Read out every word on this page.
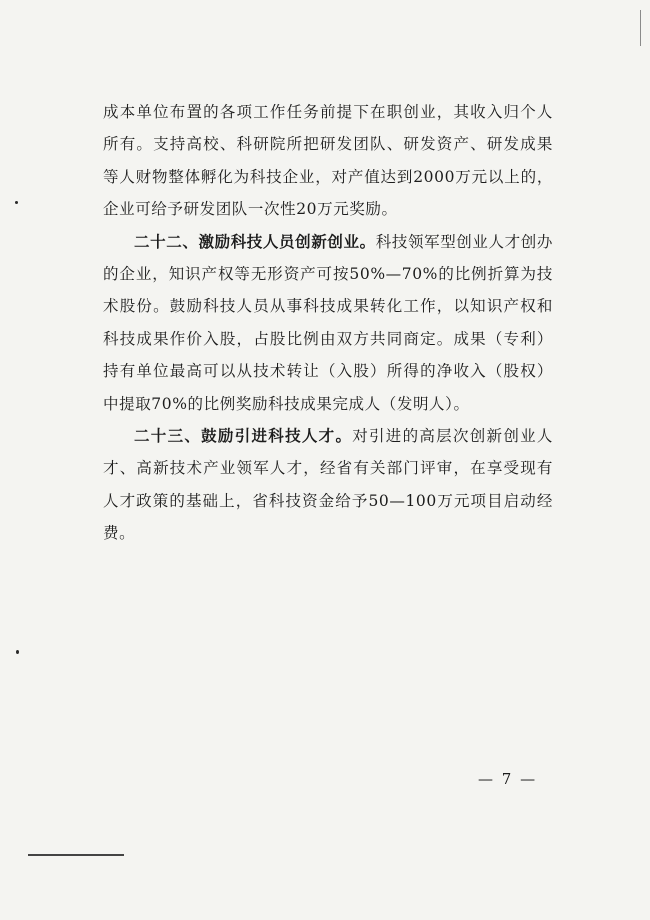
成本单位布置的各项工作任务前提下在职创业，其收入归个人所有。支持高校、科研院所把研发团队、研发资产、研发成果等人财物整体孵化为科技企业，对产值达到2000万元以上的，企业可给予研发团队一次性20万元奖励。

二十二、激励科技人员创新创业。科技领军型创业人才创办的企业，知识产权等无形资产可按50%—70%的比例折算为技术股份。鼓励科技人员从事科技成果转化工作，以知识产权和科技成果作价入股，占股比例由双方共同商定。成果（专利）持有单位最高可以从技术转让（入股）所得的净收入（股权）中提取70%的比例奖励科技成果完成人（发明人）。

二十三、鼓励引进科技人才。对引进的高层次创新创业人才、高新技术产业领军人才，经省有关部门评审，在享受现有人才政策的基础上，省科技资金给予50—100万元项目启动经费。

— 7 —
